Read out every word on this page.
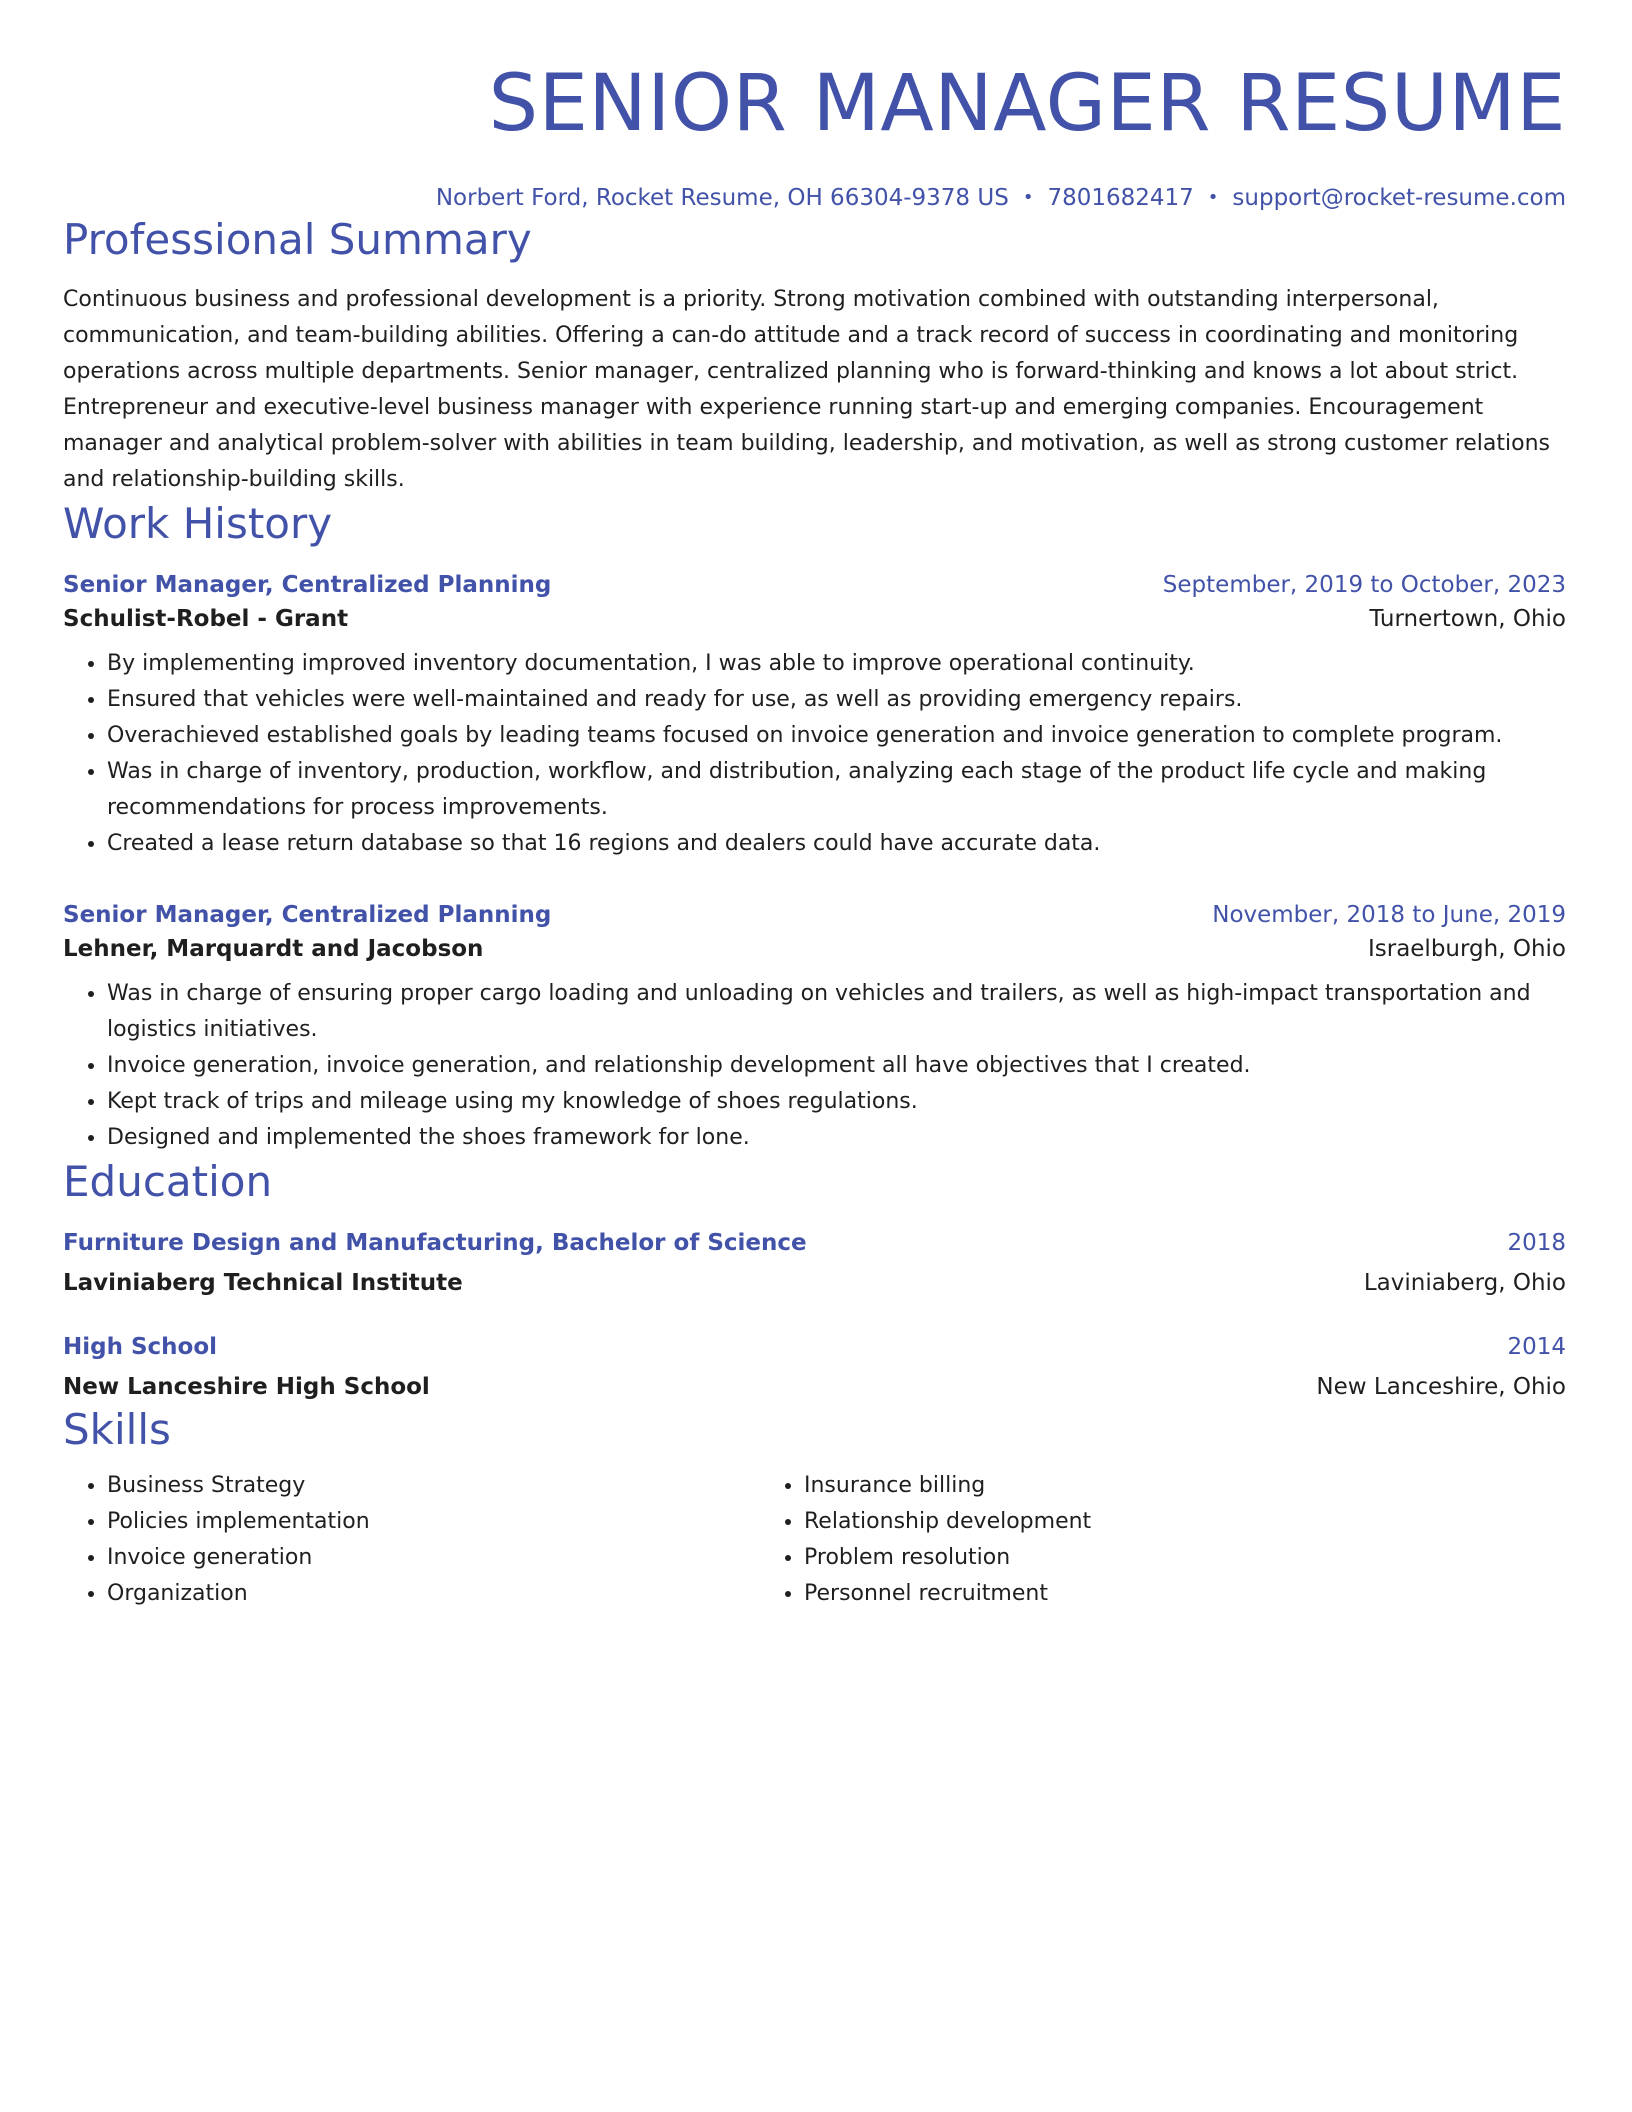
SENIOR MANAGER RESUME
Norbert Ford, Rocket Resume, OH 66304-9378 US • 7801682417 • support@rocket-resume.com
Professional Summary
Continuous business and professional development is a priority. Strong motivation combined with outstanding interpersonal, communication, and team-building abilities. Offering a can-do attitude and a track record of success in coordinating and monitoring operations across multiple departments. Senior manager, centralized planning who is forward-thinking and knows a lot about strict. Entrepreneur and executive-level business manager with experience running start-up and emerging companies. Encouragement manager and analytical problem-solver with abilities in team building, leadership, and motivation, as well as strong customer relations and relationship-building skills.
Work History
Senior Manager, Centralized Planning	September, 2019 to October, 2023
Schulist-Robel - Grant	Turnertown, Ohio
• By implementing improved inventory documentation, I was able to improve operational continuity.
• Ensured that vehicles were well-maintained and ready for use, as well as providing emergency repairs.
• Overachieved established goals by leading teams focused on invoice generation and invoice generation to complete program.
• Was in charge of inventory, production, workflow, and distribution, analyzing each stage of the product life cycle and making recommendations for process improvements.
• Created a lease return database so that 16 regions and dealers could have accurate data.
Senior Manager, Centralized Planning	November, 2018 to June, 2019
Lehner, Marquardt and Jacobson	Israelburgh, Ohio
• Was in charge of ensuring proper cargo loading and unloading on vehicles and trailers, as well as high-impact transportation and logistics initiatives.
• Invoice generation, invoice generation, and relationship development all have objectives that I created.
• Kept track of trips and mileage using my knowledge of shoes regulations.
• Designed and implemented the shoes framework for lone.
Education
Furniture Design and Manufacturing, Bachelor of Science	2018
Laviniaberg Technical Institute	Laviniaberg, Ohio
High School	2014
New Lanceshire High School	New Lanceshire, Ohio
Skills
• Business Strategy
• Policies implementation
• Invoice generation
• Organization
• Insurance billing
• Relationship development
• Problem resolution
• Personnel recruitment
